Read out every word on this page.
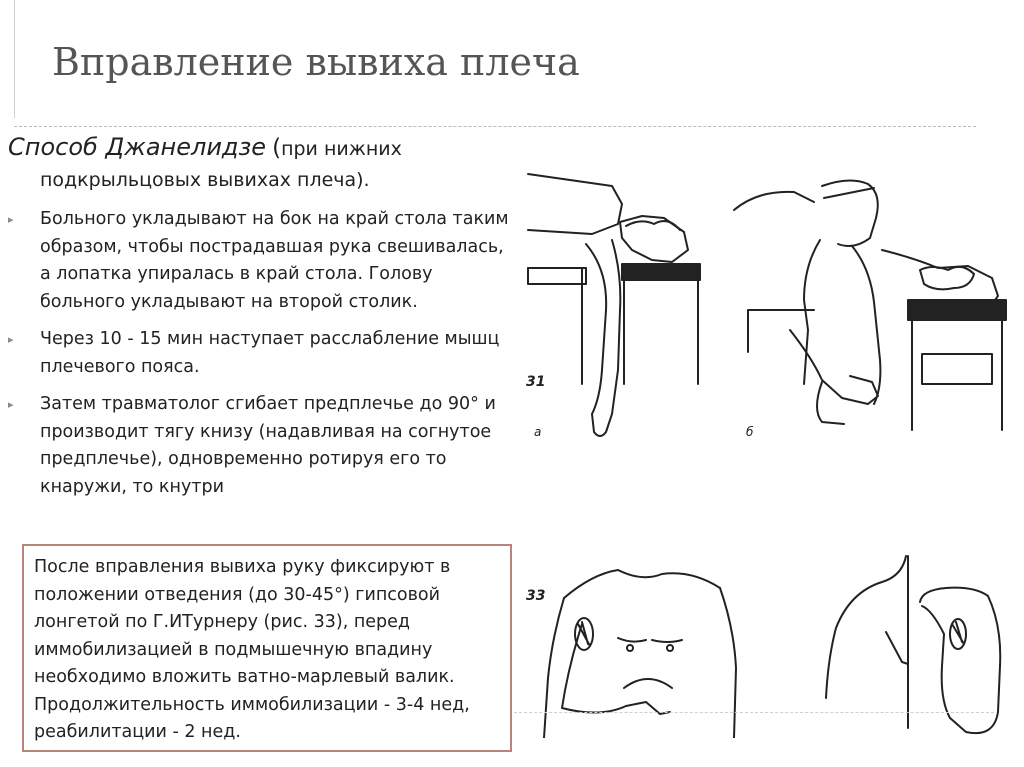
Вправление вывиха плеча

Способ Джанелидзе (при нижних
подкрыльцовых вывихах плеча).

▸ Больного укладывают на бок на край стола таким образом, чтобы пострадавшая рука свешивалась, а лопатка упиралась в край стола. Голову больного укладывают на второй столик.
▸ Через 10 - 15 мин наступает расслабление мышц плечевого пояса.
▸ Затем травматолог сгибает предплечье до 90° и производит тягу книзу (надавливая на согнутое предплечье), одновременно ротируя его то кнаружи, то кнутри
После вправления вывиха руку фиксируют в положении отведения (до 30-45°) гипсовой лонгетой по Г.ИТурнеру (рис. 33), перед иммобилизацией в подмышечную впадину необходимо вложить ватно-марлевый валик. Продолжительность иммобилизации - 3-4 нед, реабилитации - 2 нед.
31
а	б
33
